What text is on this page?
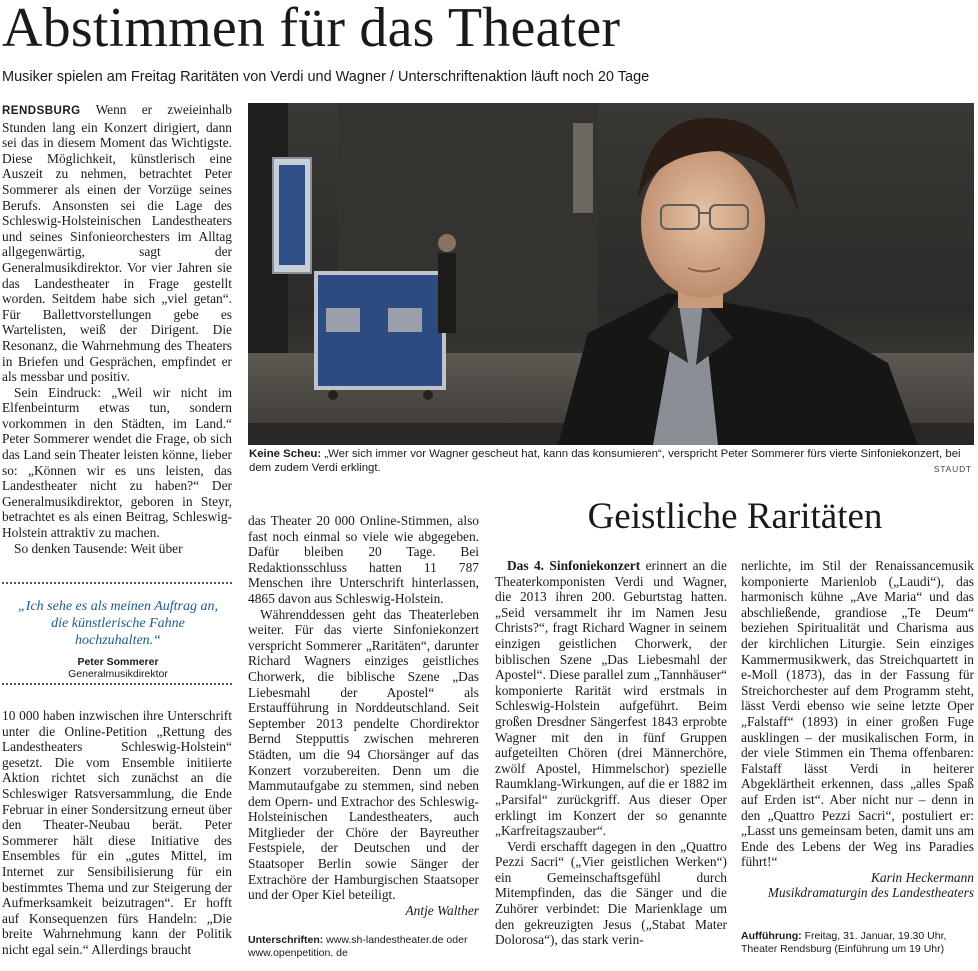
Abstimmen für das Theater
Musiker spielen am Freitag Raritäten von Verdi und Wagner / Unterschriftenaktion läuft noch 20 Tage

RENDSBURG Wenn er zweieinhalb Stunden lang ein Konzert dirigiert, dann sei das in diesem Moment das Wichtigste. Diese Möglichkeit, künstlerisch eine Auszeit zu nehmen, betrachtet Peter Sommerer als einen der Vorzüge seines Berufs. Ansonsten sei die Lage des Schleswig-Holsteinischen Landestheaters und seines Sinfonieorchesters im Alltag allgegenwärtig, sagt der Generalmusikdirektor. Vor vier Jahren sie das Landestheater in Frage gestellt worden. Seitdem habe sich „viel getan“. Für Ballettvorstellungen gebe es Wartelisten, weiß der Dirigent. Die Resonanz, die Wahrnehmung des Theaters in Briefen und Gesprächen, empfindet er als messbar und positiv.

Sein Eindruck: „Weil wir nicht im Elfenbeinturm etwas tun, sondern vorkommen in den Städten, im Land.“ Peter Sommerer wendet die Frage, ob sich das Land sein Theater leisten könne, lieber so: „Können wir es uns leisten, das Landestheater nicht zu haben?“ Der Generalmusikdirektor, geboren in Steyr, betrachtet es als einen Beitrag, Schleswig-Holstein attraktiv zu machen.

So denken Tausende: Weit über

„Ich sehe es als meinen Auftrag an, die künstlerische Fahne hochzuhalten.“
Peter Sommerer
Generalmusikdirektor

10 000 haben inzwischen ihre Unterschrift unter die Online-Petition „Rettung des Landestheaters Schleswig-Holstein“ gesetzt. Die vom Ensemble initiierte Aktion richtet sich zunächst an die Schleswiger Ratsversammlung, die Ende Februar in einer Sondersitzung erneut über den Theater-Neubau berät. Peter Sommerer hält diese Initiative des Ensembles für ein „gutes Mittel, im Internet zur Sensibilisierung für ein bestimmtes Thema und zur Steigerung der Aufmerksamkeit beizutragen“. Er hofft auf Konsequenzen fürs Handeln: „Die breite Wahrnehmung kann der Politik nicht egal sein.“ Allerdings braucht

Keine Scheu: „Wer sich immer vor Wagner gescheut hat, kann das konsumieren“, verspricht Peter Sommerer fürs vierte Sinfoniekonzert, bei dem zudem Verdi erklingt.	STAUDT

das Theater 20 000 Online-Stimmen, also fast noch einmal so viele wie abgegeben. Dafür bleiben 20 Tage. Bei Redaktionsschluss hatten 11 787 Menschen ihre Unterschrift hinterlassen, 4865 davon aus Schleswig-Holstein.

Währenddessen geht das Theaterleben weiter. Für das vierte Sinfoniekonzert verspricht Sommerer „Raritäten“, darunter Richard Wagners einziges geistliches Chorwerk, die biblische Szene „Das Liebesmahl der Apostel“ als Erstaufführung in Norddeutschland. Seit September 2013 pendelte Chordirektor Bernd Stepputtis zwischen mehreren Städten, um die 94 Chorsänger auf das Konzert vorzubereiten. Denn um die Mammutaufgabe zu stemmen, sind neben dem Opern- und Extrachor des Schleswig-Holsteinischen Landestheaters, auch Mitglieder der Chöre der Bayreuther Festspiele, der Deutschen und der Staatsoper Berlin sowie Sänger der Extrachöre der Hamburgischen Staatsoper und der Oper Kiel beteiligt.

Antje Walther
Unterschriften: www.sh-landestheater.de oder www.openpetition. de
Geistliche Raritäten

Das 4. Sinfoniekonzert erinnert an die Theaterkomponisten Verdi und Wagner, die 2013 ihren 200. Geburtstag hatten. „Seid versammelt ihr im Namen Jesu Christs?“, fragt Richard Wagner in seinem einzigen geistlichen Chorwerk, der biblischen Szene „Das Liebesmahl der Apostel“. Diese parallel zum „Tannhäuser“ komponierte Rarität wird erstmals in Schleswig-Holstein aufgeführt. Beim großen Dresdner Sängerfest 1843 erprobte Wagner mit den in fünf Gruppen aufgeteilten Chören (drei Männerchöre, zwölf Apostel, Himmelschor) spezielle Raumklang-Wirkungen, auf die er 1882 im „Parsifal“ zurückgriff. Aus dieser Oper erklingt im Konzert der so genannte „Karfreitagszauber“.

Verdi erschafft dagegen in den „Quattro Pezzi Sacri“ („Vier geistlichen Werken“) ein Gemeinschaftsgefühl durch Mitempfinden, das die Sänger und die Zuhörer verbindet: Die Marienklage um den gekreuzigten Jesus („Stabat Mater Dolorosa“), das stark verin-

nerlichte, im Stil der Renaissancemusik komponierte Marienlob („Laudi“), das harmonisch kühne „Ave Maria“ und das abschließende, grandiose „Te Deum“ beziehen Spiritualität und Charisma aus der kirchlichen Liturgie. Sein einziges Kammermusikwerk, das Streichquartett in e-Moll (1873), das in der Fassung für Streichorchester auf dem Programm steht, lässt Verdi ebenso wie seine letzte Oper „Falstaff“ (1893) in einer großen Fuge ausklingen – der musikalischen Form, in der viele Stimmen ein Thema offenbaren: Falstaff lässt Verdi in heiterer Abgeklärtheit erkennen, dass „alles Spaß auf Erden ist“. Aber nicht nur – denn in den „Quattro Pezzi Sacri“, postuliert er: „Lasst uns gemeinsam beten, damit uns am Ende des Lebens der Weg ins Paradies führt!“

Karin Heckermann
Musikdramaturgin des Landestheaters
Aufführung: Freitag, 31. Januar, 19.30 Uhr, Theater Rendsburg (Einführung um 19 Uhr)
